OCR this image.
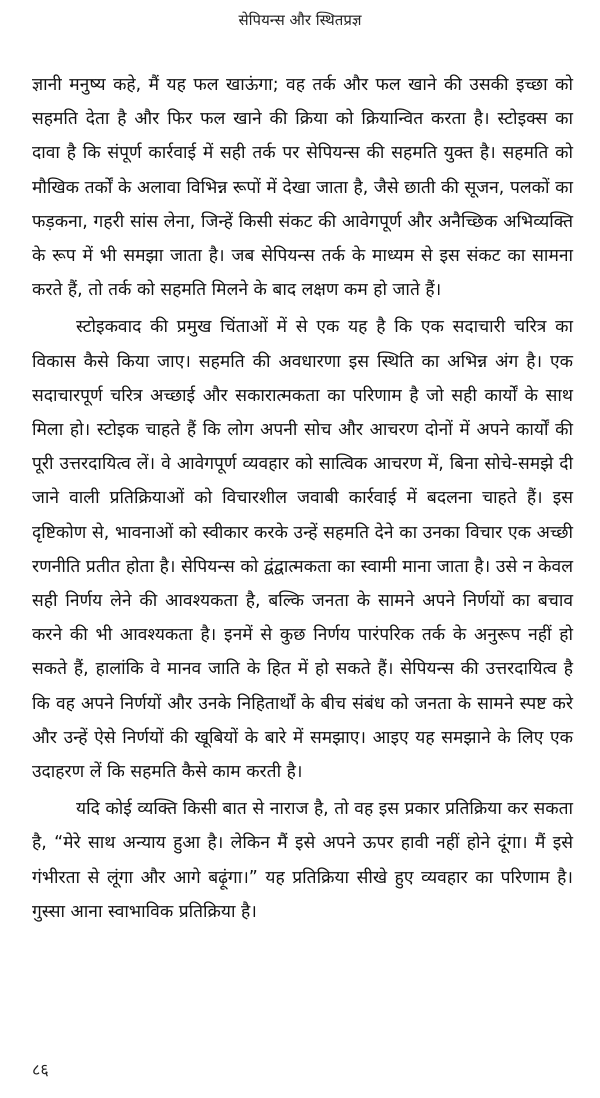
सेपियन्स और स्थितप्रज्ञ

ज्ञानी मनुष्य कहे, मैं यह फल खाऊंगा; वह तर्क और फल खाने की उसकी इच्छा को सहमति देता है और फिर फल खाने की क्रिया को क्रियान्वित करता है। स्टोइक्स का दावा है कि संपूर्ण कार्रवाई में सही तर्क पर सेपियन्स की सहमति युक्त है। सहमति को मौखिक तर्कों के अलावा विभिन्न रूपों में देखा जाता है, जैसे छाती की सूजन, पलकों का फड़कना, गहरी सांस लेना, जिन्हें किसी संकट की आवेगपूर्ण और अनैच्छिक अभिव्यक्ति के रूप में भी समझा जाता है। जब सेपियन्स तर्क के माध्यम से इस संकट का सामना करते हैं, तो तर्क को सहमति मिलने के बाद लक्षण कम हो जाते हैं।

स्टोइकवाद की प्रमुख चिंताओं में से एक यह है कि एक सदाचारी चरित्र का विकास कैसे किया जाए। सहमति की अवधारणा इस स्थिति का अभिन्न अंग है। एक सदाचारपूर्ण चरित्र अच्छाई और सकारात्मकता का परिणाम है जो सही कार्यों के साथ मिला हो। स्टोइक चाहते हैं कि लोग अपनी सोच और आचरण दोनों में अपने कार्यों की पूरी उत्तरदायित्व लें। वे आवेगपूर्ण व्यवहार को सात्विक आचरण में, बिना सोचे-समझे दी जाने वाली प्रतिक्रियाओं को विचारशील जवाबी कार्रवाई में बदलना चाहते हैं। इस दृष्टिकोण से, भावनाओं को स्वीकार करके उन्हें सहमति देने का उनका विचार एक अच्छी रणनीति प्रतीत होता है। सेपियन्स को द्वंद्वात्मकता का स्वामी माना जाता है। उसे न केवल सही निर्णय लेने की आवश्यकता है, बल्कि जनता के सामने अपने निर्णयों का बचाव करने की भी आवश्यकता है। इनमें से कुछ निर्णय पारंपरिक तर्क के अनुरूप नहीं हो सकते हैं, हालांकि वे मानव जाति के हित में हो सकते हैं। सेपियन्स की उत्तरदायित्व है कि वह अपने निर्णयों और उनके निहितार्थों के बीच संबंध को जनता के सामने स्पष्ट करे और उन्हें ऐसे निर्णयों की खूबियों के बारे में समझाए। आइए यह समझाने के लिए एक उदाहरण लें कि सहमति कैसे काम करती है।

यदि कोई व्यक्ति किसी बात से नाराज है, तो वह इस प्रकार प्रतिक्रिया कर सकता है, “मेरे साथ अन्याय हुआ है। लेकिन मैं इसे अपने ऊपर हावी नहीं होने दूंगा। मैं इसे गंभीरता से लूंगा और आगे बढ़ूंगा।” यह प्रतिक्रिया सीखे हुए व्यवहार का परिणाम है। गुस्सा आना स्वाभाविक प्रतिक्रिया है।

८६
